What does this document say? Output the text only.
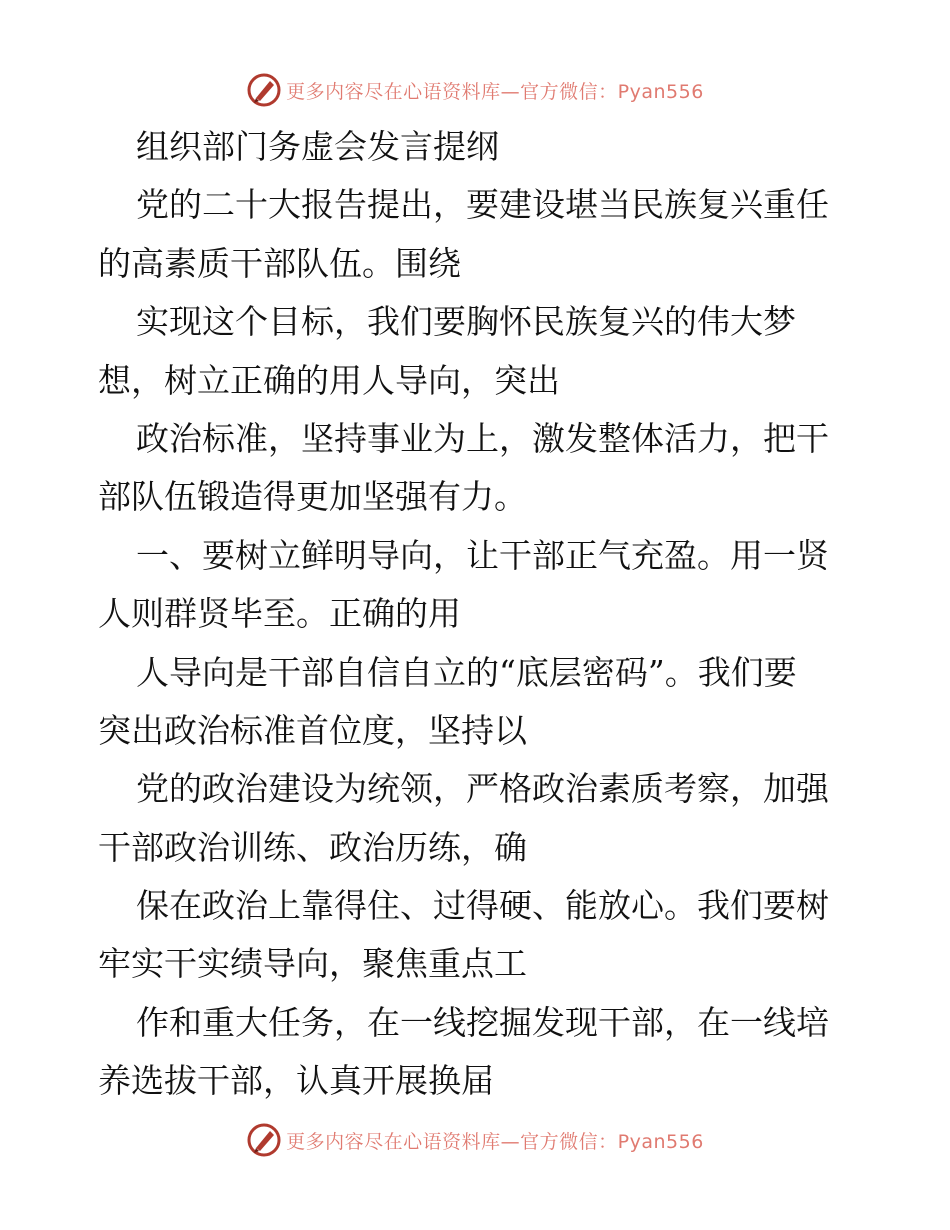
更多内容尽在心语资料库—官方微信：Pyan556
组织部门务虚会发言提纲
党的二十大报告提出，要建设堪当民族复兴重任
的高素质干部队伍。围绕
实现这个目标，我们要胸怀民族复兴的伟大梦
想，树立正确的用人导向，突出
政治标准，坚持事业为上，激发整体活力，把干
部队伍锻造得更加坚强有力。
一、要树立鲜明导向，让干部正气充盈。用一贤
人则群贤毕至。正确的用
人导向是干部自信自立的“底层密码”。我们要
突出政治标准首位度，坚持以
党的政治建设为统领，严格政治素质考察，加强
干部政治训练、政治历练，确
保在政治上靠得住、过得硬、能放心。我们要树
牢实干实绩导向，聚焦重点工
作和重大任务，在一线挖掘发现干部，在一线培
养选拔干部，认真开展换届
更多内容尽在心语资料库—官方微信：Pyan556
